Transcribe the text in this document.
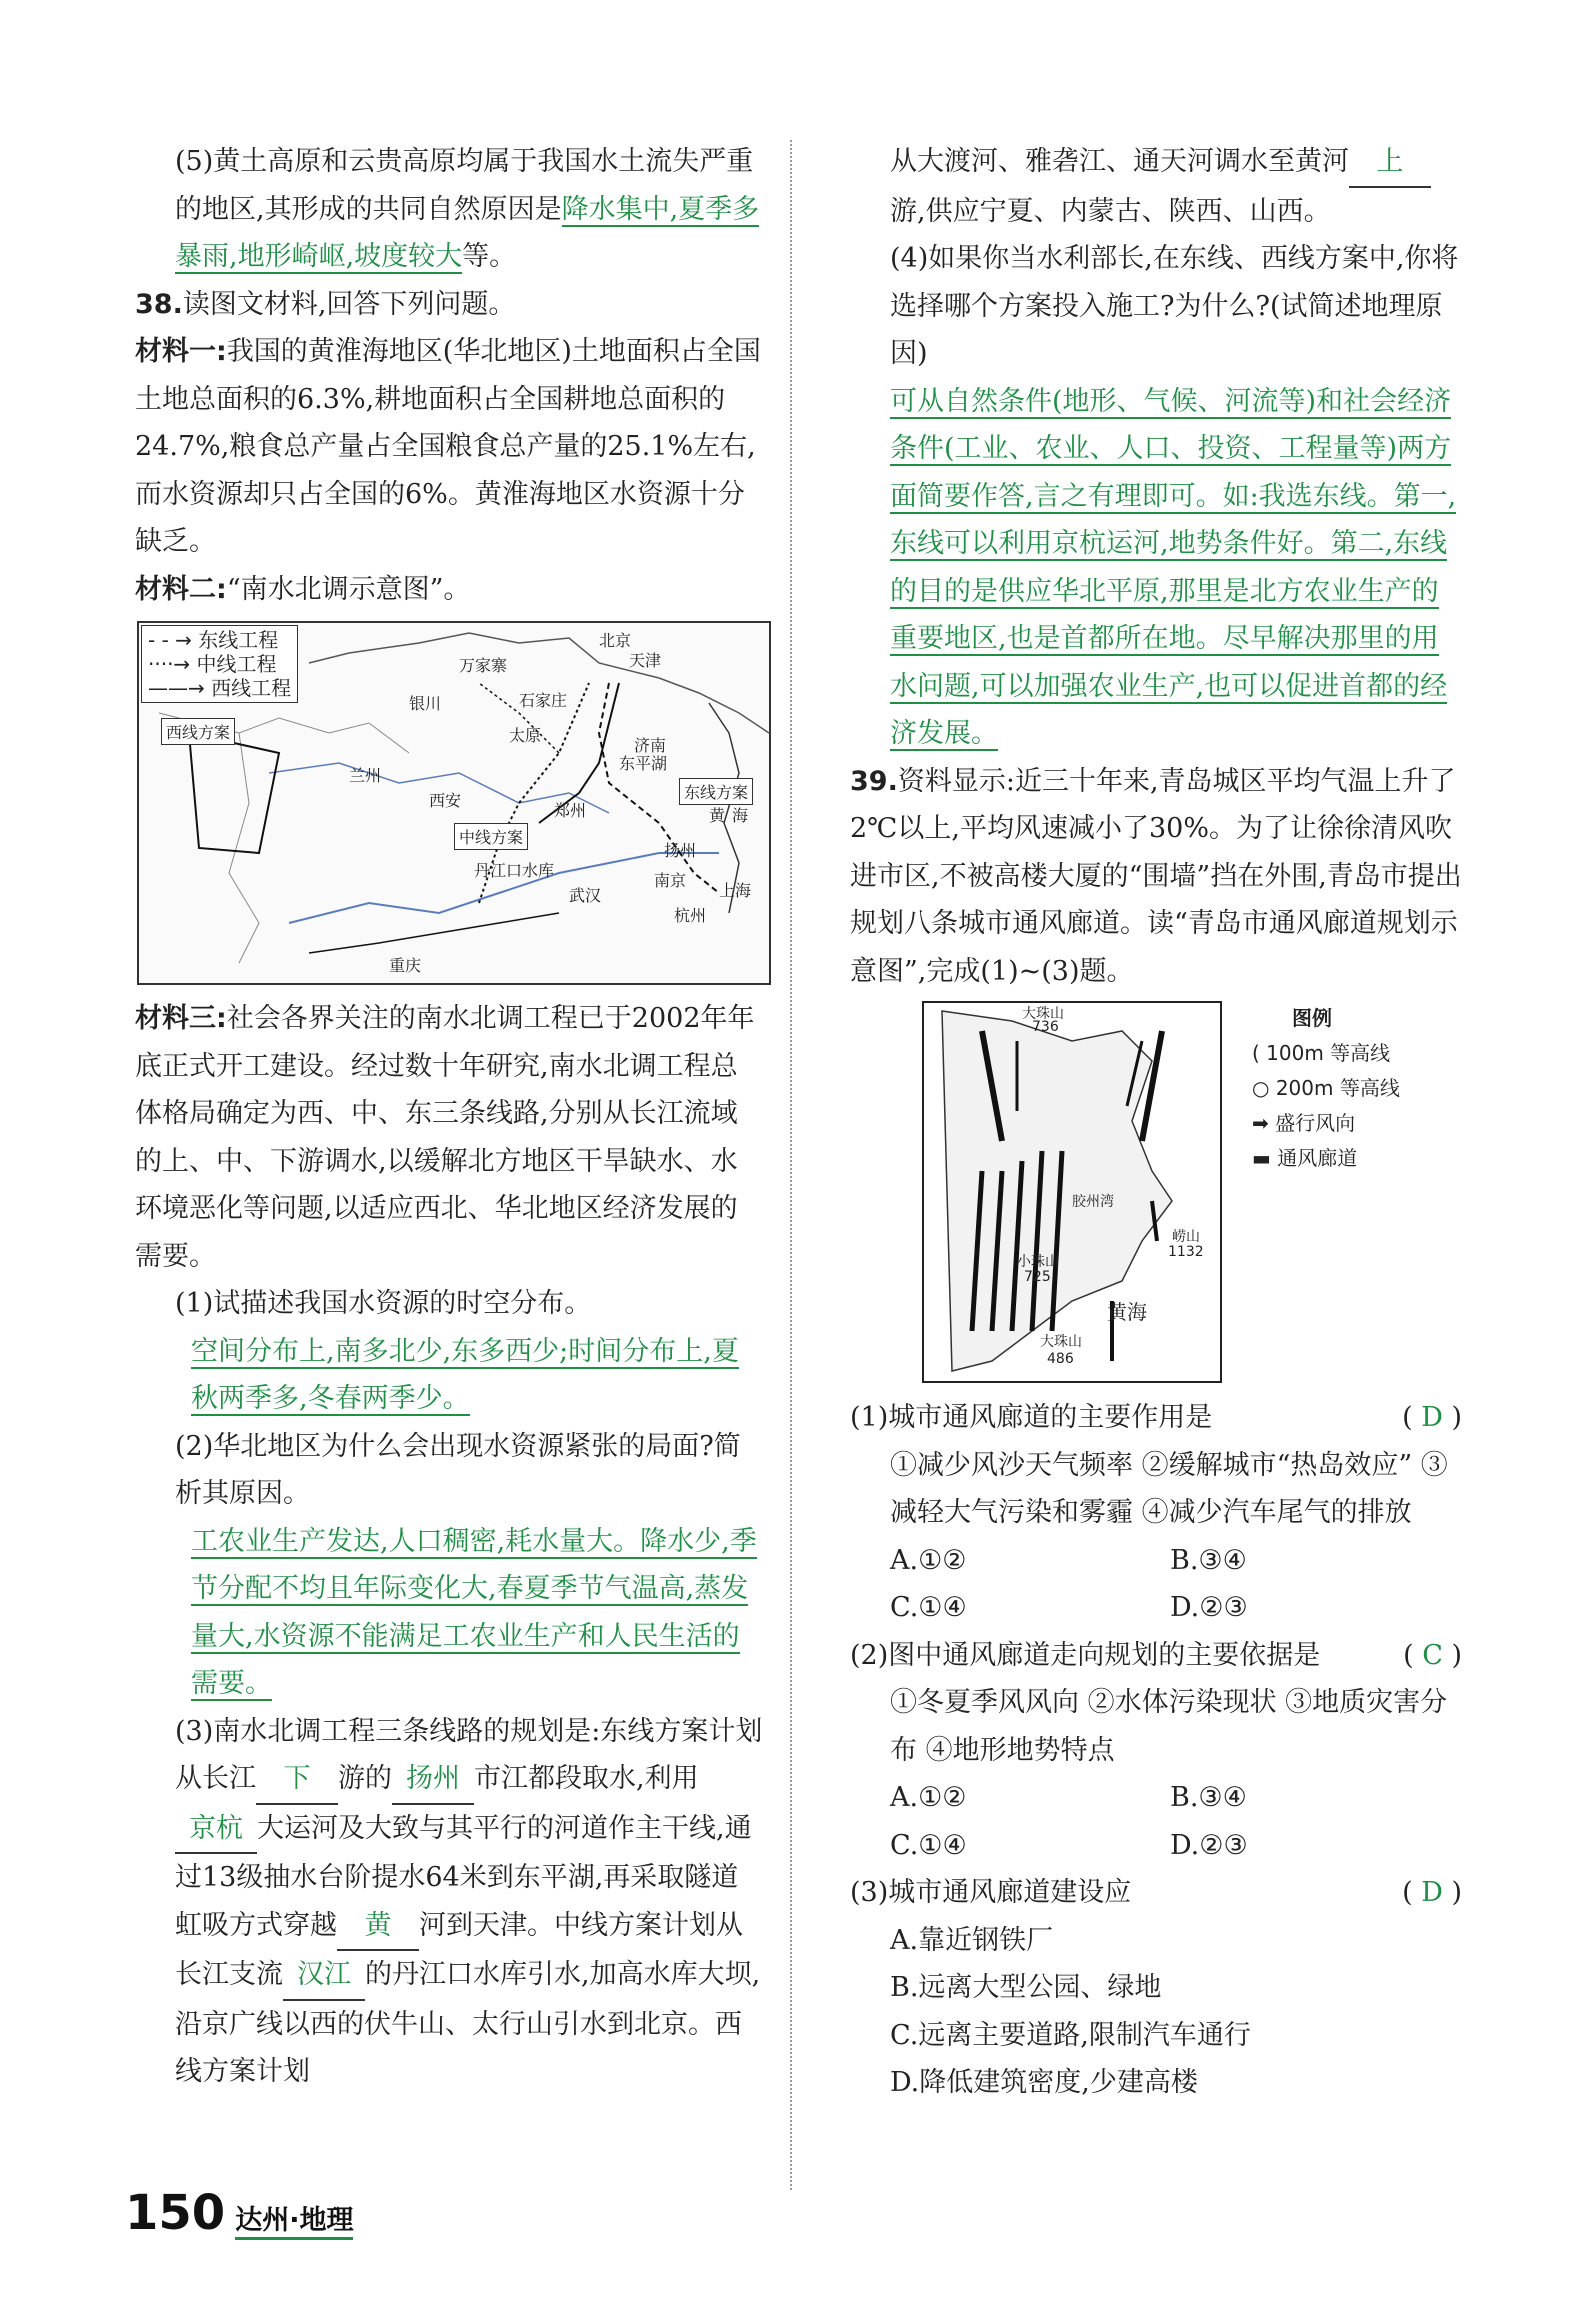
(5)黄土高原和云贵高原均属于我国水土流失严重的地区,其形成的共同自然原因是降水集中,夏季多暴雨,地形崎岖,坡度较大等。

38.读图文材料,回答下列问题。

材料一:我国的黄淮海地区(华北地区)土地面积占全国土地总面积的6.3%,耕地面积占全国耕地总面积的24.7%,粮食总产量占全国粮食总产量的25.1%左右,而水资源却只占全国的6%。黄淮海地区水资源十分缺乏。

材料二:“南水北调示意图”。

- - → 东线工程
····→ 中线工程
——→ 西线工程
北京
天津
万家寨
银川	石家庄
太原
济南
东平湖
兰州
西安
郑州	黄 海
扬州
丹江口水库
南京
武汉	上海
杭州
重庆
西线方案
中线方案
东线方案

材料三:社会各界关注的南水北调工程已于2002年年底正式开工建设。经过数十年研究,南水北调工程总体格局确定为西、中、东三条线路,分别从长江流域的上、中、下游调水,以缓解北方地区干旱缺水、水环境恶化等问题,以适应西北、华北地区经济发展的需要。

(1)试描述我国水资源的时空分布。

空间分布上,南多北少,东多西少;时间分布上,夏秋两季多,冬春两季少。

(2)华北地区为什么会出现水资源紧张的局面?简析其原因。

工农业生产发达,人口稠密,耗水量大。降水少,季节分配不均且年际变化大,春夏季节气温高,蒸发量大,水资源不能满足工农业生产和人民生活的需要。

(3)南水北调工程三条线路的规划是:东线方案计划从长江 下 游的 扬州 市江都段取水,利用京杭 大运河及大致与其平行的河道作主干线,通过13级抽水台阶提水64米到东平湖,再采取隧道虹吸方式穿越 黄 河到天津。中线方案计划从长江支流 汉江 的丹江口水库引水,加高水库大坝,沿京广线以西的伏牛山、太行山引水到北京。西线方案计划

从大渡河、雅砻江、通天河调水至黄河 上游,供应宁夏、内蒙古、陕西、山西。

(4)如果你当水利部长,在东线、西线方案中,你将选择哪个方案投入施工?为什么?(试简述地理原因)

可从自然条件(地形、气候、河流等)和社会经济条件(工业、农业、人口、投资、工程量等)两方面简要作答,言之有理即可。如:我选东线。第一,东线可以利用京杭运河,地势条件好。第二,东线的目的是供应华北平原,那里是北方农业生产的重要地区,也是首都所在地。尽早解决那里的用水问题,可以加强农业生产,也可以促进首都的经济发展。

39.资料显示:近三十年来,青岛城区平均气温上升了2℃以上,平均风速减小了30%。为了让徐徐清风吹进市区,不被高楼大厦的“围墙”挡在外围,青岛市提出规划八条城市通风廊道。读“青岛市通风廊道规划示意图”,完成(1)~(3)题。

大珠山
736
崂山
1132
小珠山
725
大珠山
486
黄海
胶州湾
图例
( 100m 等高线
○ 200m 等高线
➡ 盛行风向
▬ 通风廊道

(1)城市通风廊道的主要作用是	( D )

①减少风沙天气频率 ②缓解城市“热岛效应” ③减轻大气污染和雾霾 ④减少汽车尾气的排放

A.①②	B.③④
C.①④	D.②③

(2)图中通风廊道走向规划的主要依据是	( C )

①冬夏季风风向 ②水体污染现状 ③地质灾害分布 ④地形地势特点

A.①②	B.③④
C.①④	D.②③

(3)城市通风廊道建设应	( D )

A.靠近钢铁厂

B.远离大型公园、绿地

C.远离主要道路,限制汽车通行

D.降低建筑密度,少建高楼

150 达州·地理
